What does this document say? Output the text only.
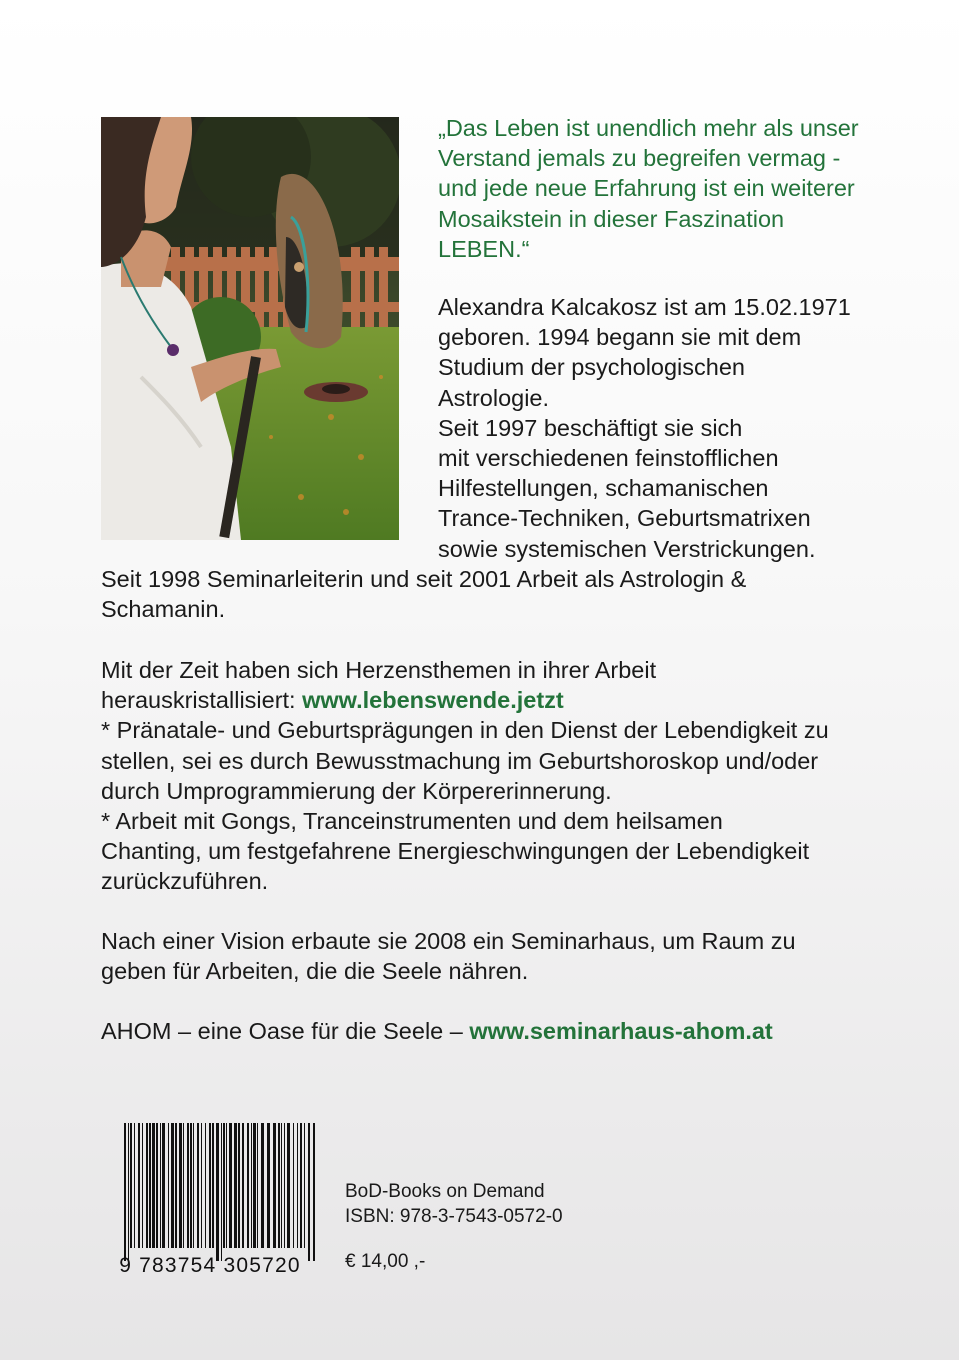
„Das Leben ist unendlich mehr als unser
Verstand jemals zu begreifen vermag -
und jede neue Erfahrung ist ein weiterer
Mosaikstein in dieser Faszination
LEBEN.“
Alexandra Kalcakosz ist am 15.02.1971
geboren. 1994 begann sie mit dem
Studium der psychologischen
Astrologie.
Seit 1997 beschäftigt sie sich
mit verschiedenen feinstofflichen
Hilfestellungen, schamanischen
Trance-Techniken, Geburtsmatrixen
sowie systemischen Verstrickungen.
Seit 1998 Seminarleiterin und seit 2001 Arbeit als Astrologin &
Schamanin.
Mit der Zeit haben sich Herzensthemen in ihrer Arbeit
herauskristallisiert: www.lebenswende.jetzt
* Pränatale- und Geburtsprägungen in den Dienst der Lebendigkeit zu
stellen, sei es durch Bewusstmachung im Geburtshoroskop und/oder
durch Umprogrammierung der Körpererinnerung.
* Arbeit mit Gongs, Tranceinstrumenten und dem heilsamen
Chanting, um festgefahrene Energieschwingungen der Lebendigkeit
zurückzuführen.
Nach einer Vision erbaute sie 2008 ein Seminarhaus, um Raum zu
geben für Arbeiten, die die Seele nähren.
AHOM – eine Oase für die Seele – www.seminarhaus-ahom.at
9 783754 305720
BoD-Books on Demand
ISBN: 978-3-7543-0572-0
€ 14,00 ,-
